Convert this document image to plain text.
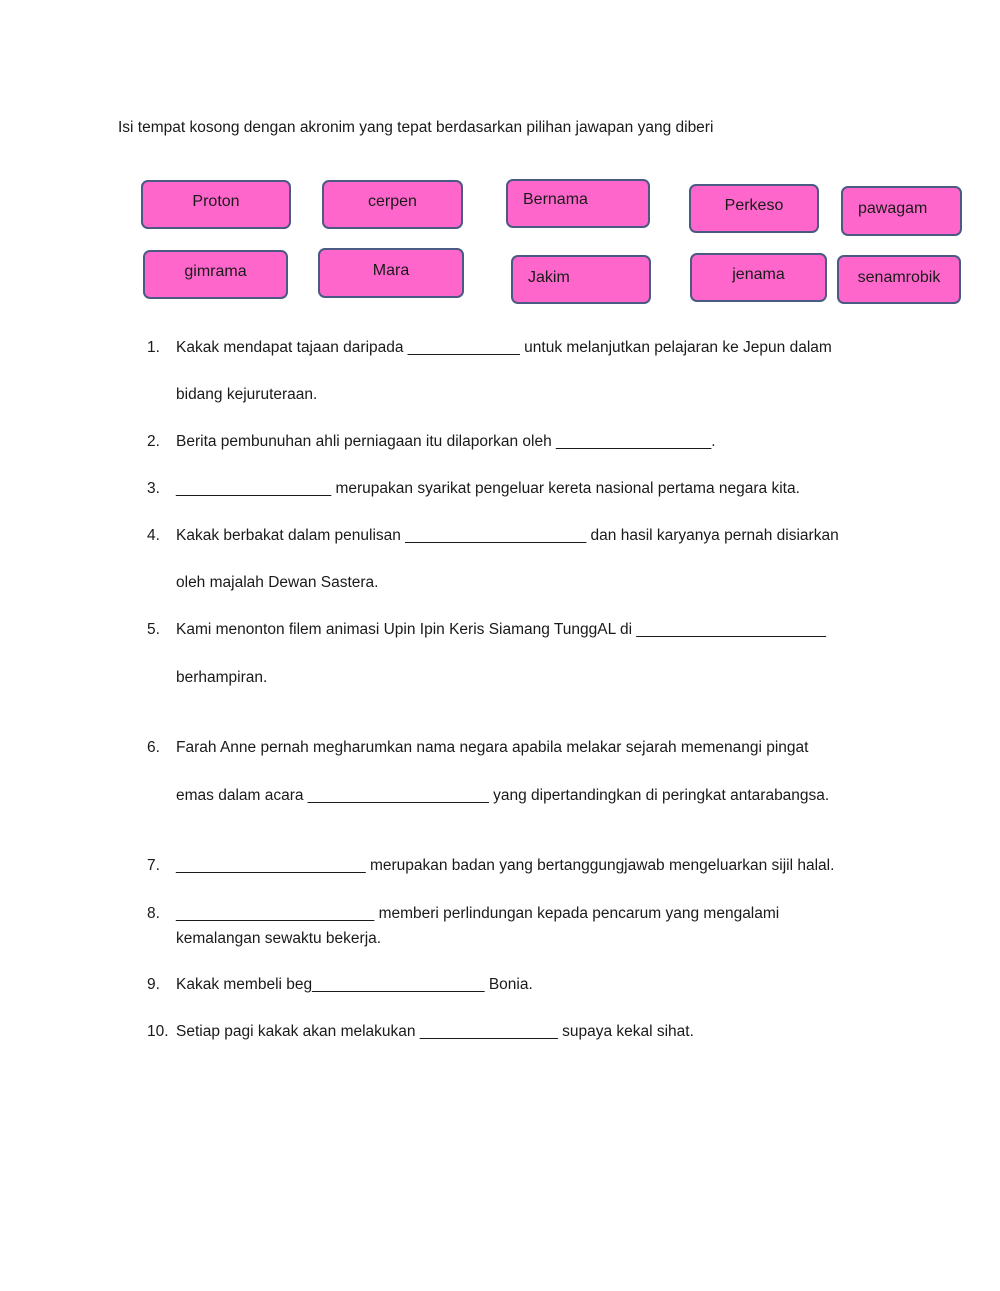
Isi tempat kosong dengan akronim yang tepat berdasarkan pilihan jawapan yang diberi
Proton	cerpen	Bernama	Perkeso	pawagam
gimrama	Mara	Jakim	jenama	senamrobik
1. Kakak mendapat tajaan daripada _____________ untuk melanjutkan pelajaran ke Jepun dalam
bidang kejuruteraan.
2. Berita pembunuhan ahli perniagaan itu dilaporkan oleh __________________.
3. __________________ merupakan syarikat pengeluar kereta nasional pertama negara kita.
4. Kakak berbakat dalam penulisan _____________________ dan hasil karyanya pernah disiarkan
oleh majalah Dewan Sastera.
5. Kami menonton filem animasi Upin Ipin Keris Siamang TunggAL di ______________________
berhampiran.
6. Farah Anne pernah megharumkan nama negara apabila melakar sejarah memenangi pingat
emas dalam acara _____________________ yang dipertandingkan di peringkat antarabangsa.
7. ______________________ merupakan badan yang bertanggungjawab mengeluarkan sijil halal.
8. _______________________ memberi perlindungan kepada pencarum yang mengalami
kemalangan sewaktu bekerja.
9. Kakak membeli beg____________________ Bonia.
10. Setiap pagi kakak akan melakukan ________________ supaya kekal sihat.
